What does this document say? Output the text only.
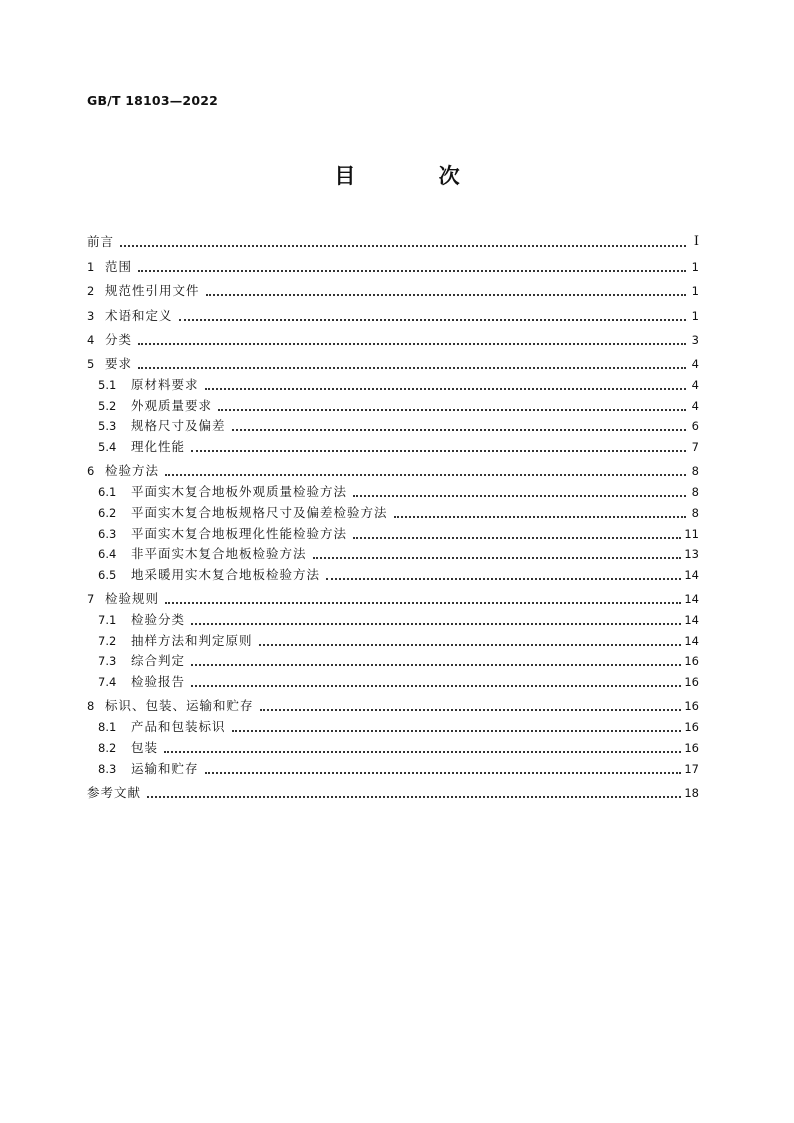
GB/T 18103—2022
目 次
前言	Ⅰ
1 范围	1
2 规范性引用文件	1
3 术语和定义	1
4 分类	3
5 要求	4
5.1	原材料要求	4
5.2	外观质量要求	4
5.3	规格尺寸及偏差	6
5.4	理化性能	7
6 检验方法	8
6.1	平面实木复合地板外观质量检验方法	8
6.2	平面实木复合地板规格尺寸及偏差检验方法	8
6.3	平面实木复合地板理化性能检验方法	11
6.4	非平面实木复合地板检验方法	13
6.5	地采暖用实木复合地板检验方法	14
7 检验规则	14
7.1	检验分类	14
7.2	抽样方法和判定原则	14
7.3	综合判定	16
7.4	检验报告	16
8 标识、包装、运输和贮存	16
8.1	产品和包装标识	16
8.2	包装	16
8.3	运输和贮存	17
参考文献	18
